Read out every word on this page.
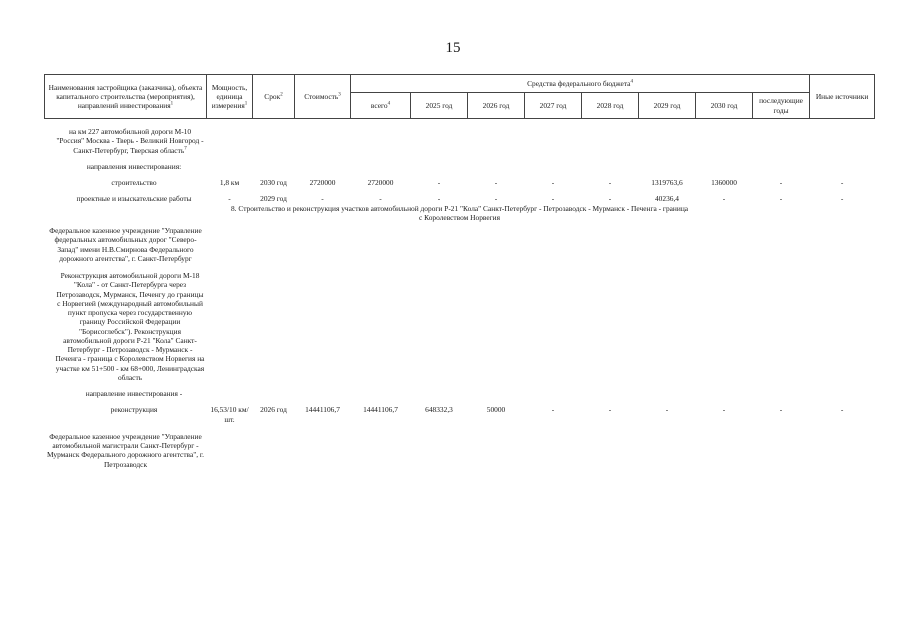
15
Наименования застройщика (заказчика), объекта капитального строительства (мероприятия), направлений инвестирования$^1$	Мощность, единица измерения$^1$	Срок$^2$	Стоимость$^3$	Средства федерального бюджета$^4$								Иные источники
				всего$^4$	2025 год	2026 год	2027 год	2028 год	2029 год	2030 год	последующие годы	

на км 227 автомобильной дороги М-10 "Россия" Москва - Тверь - Великий Новгород - Санкт-Петербург, Тверская область$^7$	

направления инвестирования:												

строительство	1,8 км	2030 год	2720000	2720000	-	-	-	-	1319763,6	1360000	-	-

проектные и изыскательские работы	-	2029 год	-	-	-	-	-	-	40236,4	-	-	-

8. Строительство и реконструкция участков автомобильной дороги Р-21 "Кола" Санкт-Петербург - Петрозаводск - Мурманск - Печенга - граница
с Королевством Норвегия												

Федеральное казенное учреждение "Управление федеральных автомобильных дорог "Северо-Запад" имени Н.В.Смирнова Федерального дорожного агентства", г. Санкт-Петербург												

Реконструкция автомобильной дороги М-18 "Кола" - от Санкт-Петербурга через Петрозаводск, Мурманск, Печенгу до границы с Норвегией (международный автомобильный пункт пропуска через государственную границу Российской Федерации "Борисоглебск"). Реконструкция автомобильной дороги Р-21 "Кола" Санкт-Петербург - Петрозаводск - Мурманск - Печенга - граница с Королевством Норвегия на участке км 51+500 - км 68+000, Ленинградская область												

направление инвестирования -												

реконструкция	16,53/10 км/шт.	2026 год	14441106,7	14441106,7	648332,3	50000	-	-	-	-	-	-

Федеральное казенное учреждение "Управление автомобильной магистрали Санкт-Петербург - Мурманск Федерального дорожного агентства", г. Петрозаводск												
